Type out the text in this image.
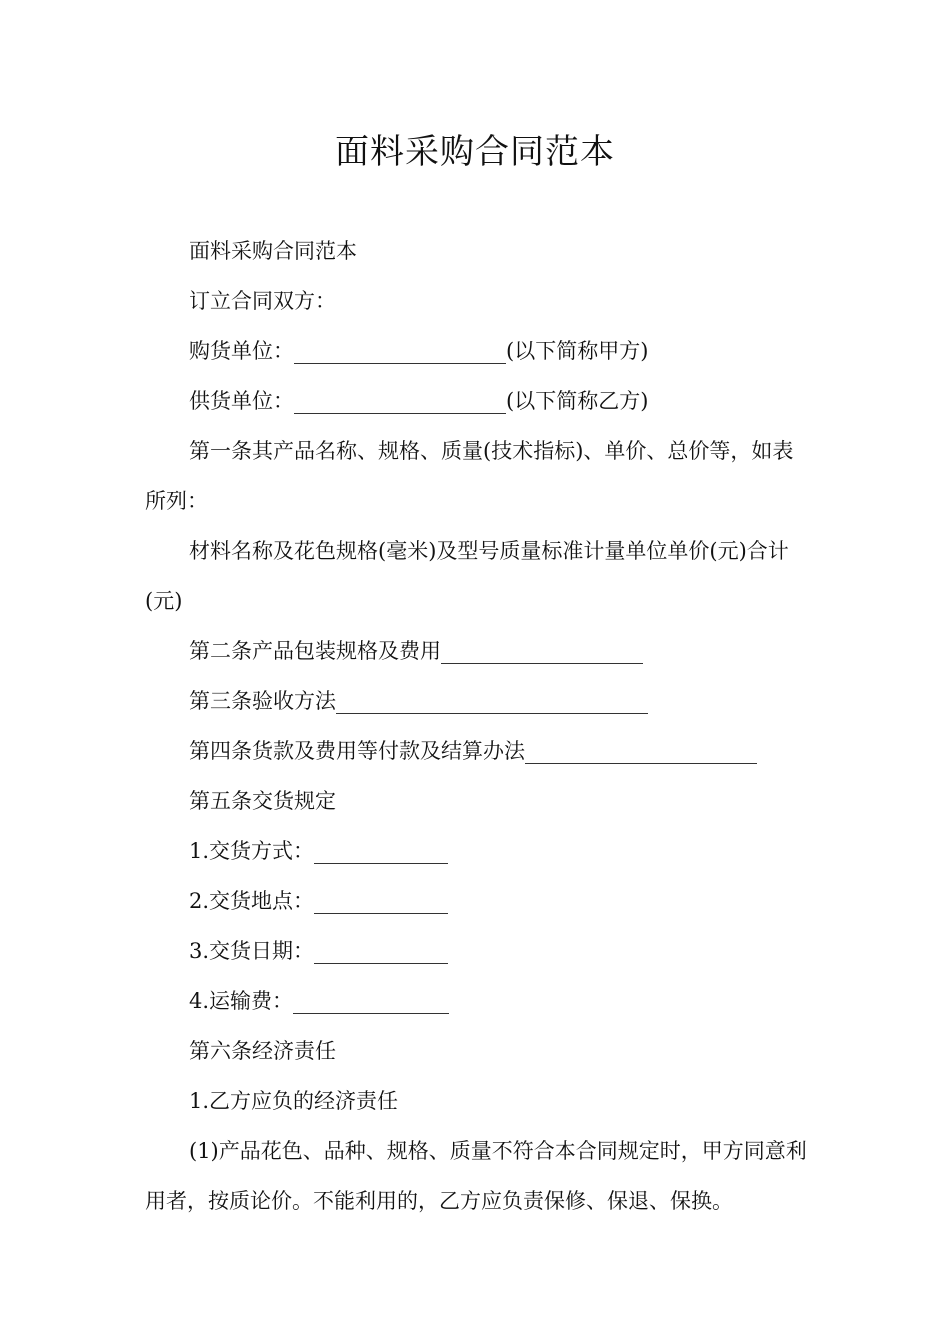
面料采购合同范本

面料采购合同范本

订立合同双方：

购货单位：	(以下简称甲方)

供货单位：	(以下简称乙方)

第一条其产品名称、规格、质量(技术指标)、单价、总价等，如表所列：

材料名称及花色规格(毫米)及型号质量标准计量单位单价(元)合计(元)

第二条产品包装规格及费用

第三条验收方法

第四条货款及费用等付款及结算办法

第五条交货规定

1.交货方式：

2.交货地点：

3.交货日期：

4.运输费：

第六条经济责任

1.乙方应负的经济责任

(1)产品花色、品种、规格、质量不符合本合同规定时，甲方同意利用者，按质论价。不能利用的，乙方应负责保修、保退、保换。
